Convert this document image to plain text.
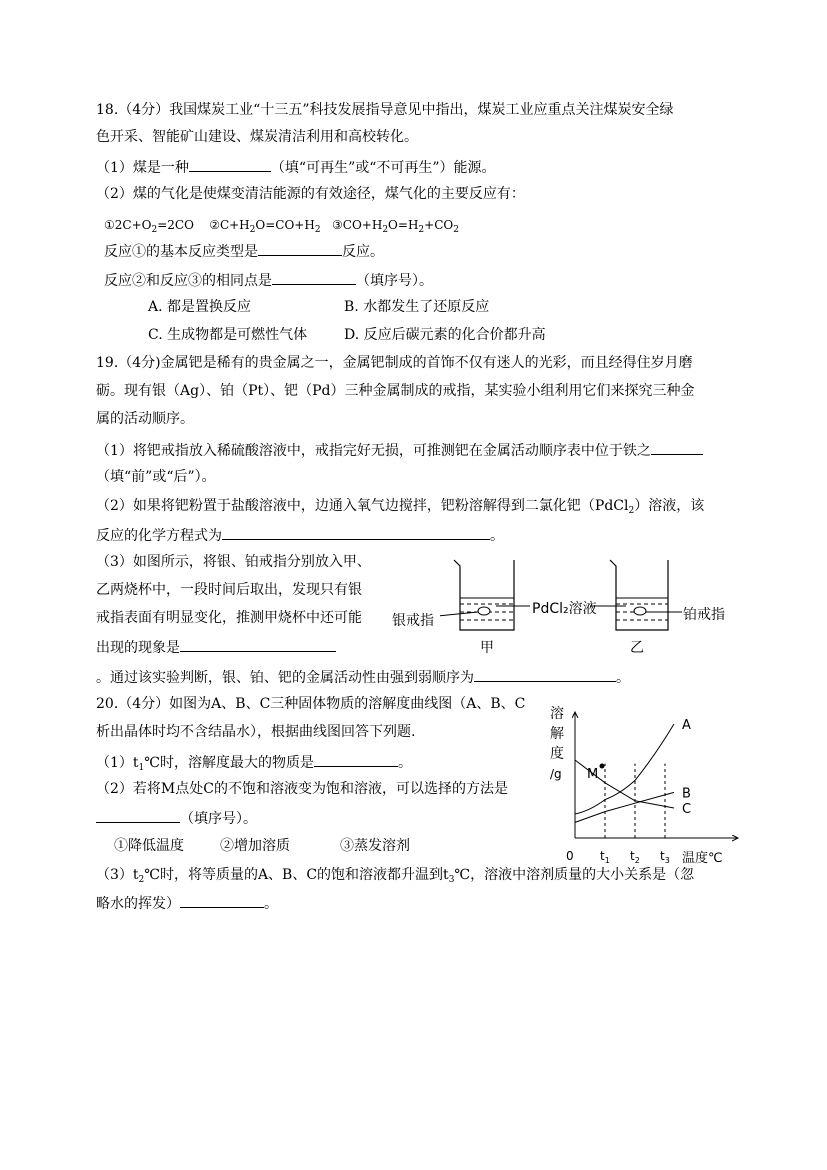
18.（4分）我国煤炭工业“十三五”科技发展指导意见中指出，煤炭工业应重点关注煤炭安全绿
色开采、智能矿山建设、煤炭清洁利用和高校转化。
（1）煤是一种	（填“可再生”或“不可再生”）能源。
（2）煤的气化是使煤变清洁能源的有效途径，煤气化的主要反应有：
$①2C+O_2=2CO$ $②C+H_2O=CO+H_2$ $③CO+H_2O=H_2+CO_2$
反应①的基本反应类型是	反应。
反应②和反应③的相同点是	（填序号）。
A. 都是置换反应	B. 水都发生了还原反应
C. 生成物都是可燃性气体	D. 反应后碳元素的化合价都升高
19.（4分)金属钯是稀有的贵金属之一，金属钯制成的首饰不仅有迷人的光彩，而且经得住岁月磨
砺。现有银（Ag）、铂（Pt）、钯（Pd）三种金属制成的戒指，某实验小组利用它们来探究三种金
属的活动顺序。
（1）将钯戒指放入稀硫酸溶液中，戒指完好无损，可推测钯在金属活动顺序表中位于铁之
（填“前”或“后”）。
（2）如果将钯粉置于盐酸溶液中，边通入氧气边搅拌，钯粉溶解得到二氯化钯（PdCl$_2$）溶液，该
反应的化学方程式为	。
（3）如图所示，将银、铂戒指分别放入甲、
乙两烧杯中，一段时间后取出，发现只有银
戒指表面有明显变化，推测甲烧杯中还可能
出现的现象是
。通过该实验判断，银、铂、钯的金属活动性由强到弱顺序为	。
银戒指
PdCl₂溶液	铂戒指
甲	乙
20.（4分）如图为A、B、C三种固体物质的溶解度曲线图（A、B、C
析出晶体时均不含结晶水），根据曲线图回答下列题.
$(1)t_1℃$时，溶解度最大的物质是	。
（2）若将M点处C的不饱和溶液变为饱和溶液，可以选择的方法是
（填序号）。
①降低温度	②增加溶质	③蒸发溶剂
$(3)t_2℃$时，将等质量的A、B、C的饱和溶液都升温到$t_3℃$，溶液中溶剂质量的大小关系是（忽
略水的挥发）	。
A
B
C
M
溶
解
度
/g
0 $t_1$ $t_2$ $t_3$ 温度℃
